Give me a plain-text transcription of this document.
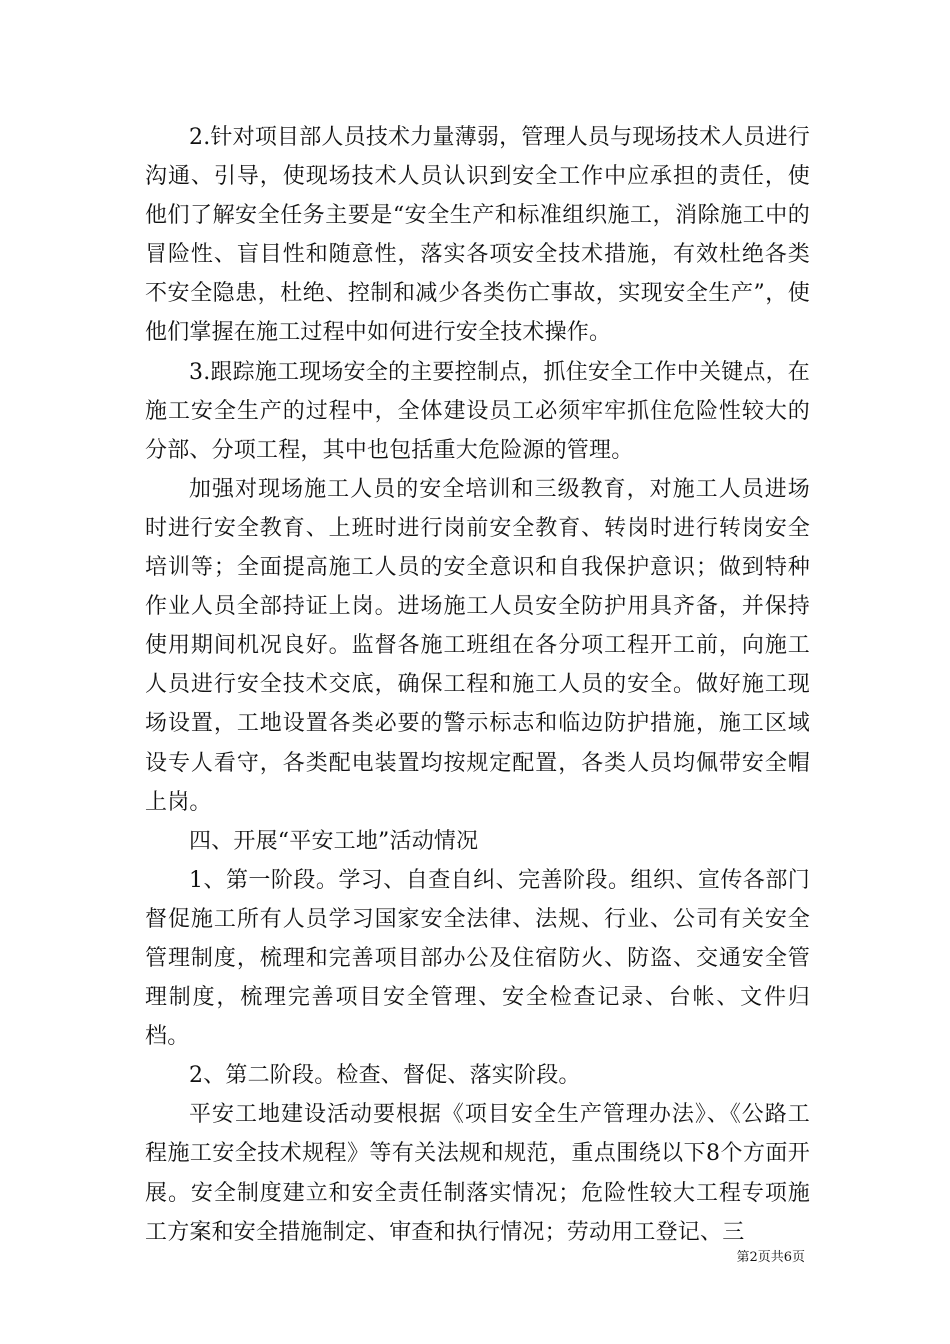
2.针对项目部人员技术力量薄弱，管理人员与现场技术人员进行沟通、引导，使现场技术人员认识到安全工作中应承担的责任，使他们了解安全任务主要是“安全生产和标准组织施工，消除施工中的冒险性、盲目性和随意性，落实各项安全技术措施，有效杜绝各类不安全隐患，杜绝、控制和减少各类伤亡事故，实现安全生产”，使他们掌握在施工过程中如何进行安全技术操作。

3.跟踪施工现场安全的主要控制点，抓住安全工作中关键点，在施工安全生产的过程中，全体建设员工必须牢牢抓住危险性较大的分部、分项工程，其中也包括重大危险源的管理。

加强对现场施工人员的安全培训和三级教育，对施工人员进场时进行安全教育、上班时进行岗前安全教育、转岗时进行转岗安全培训等；全面提高施工人员的安全意识和自我保护意识；做到特种作业人员全部持证上岗。进场施工人员安全防护用具齐备，并保持使用期间机况良好。监督各施工班组在各分项工程开工前，向施工人员进行安全技术交底，确保工程和施工人员的安全。做好施工现场设置，工地设置各类必要的警示标志和临边防护措施，施工区域设专人看守，各类配电装置均按规定配置，各类人员均佩带安全帽上岗。

四、开展“平安工地”活动情况

1、第一阶段。学习、自查自纠、完善阶段。组织、宣传各部门督促施工所有人员学习国家安全法律、法规、行业、公司有关安全管理制度，梳理和完善项目部办公及住宿防火、防盗、交通安全管理制度，梳理完善项目安全管理、安全检查记录、台帐、文件归档。

2、第二阶段。检查、督促、落实阶段。

平安工地建设活动要根据《项目安全生产管理办法》、《公路工程施工安全技术规程》等有关法规和规范，重点围绕以下8个方面开展。安全制度建立和安全责任制落实情况；危险性较大工程专项施工方案和安全措施制定、审查和执行情况；劳动用工登记、三

第2页共6页
